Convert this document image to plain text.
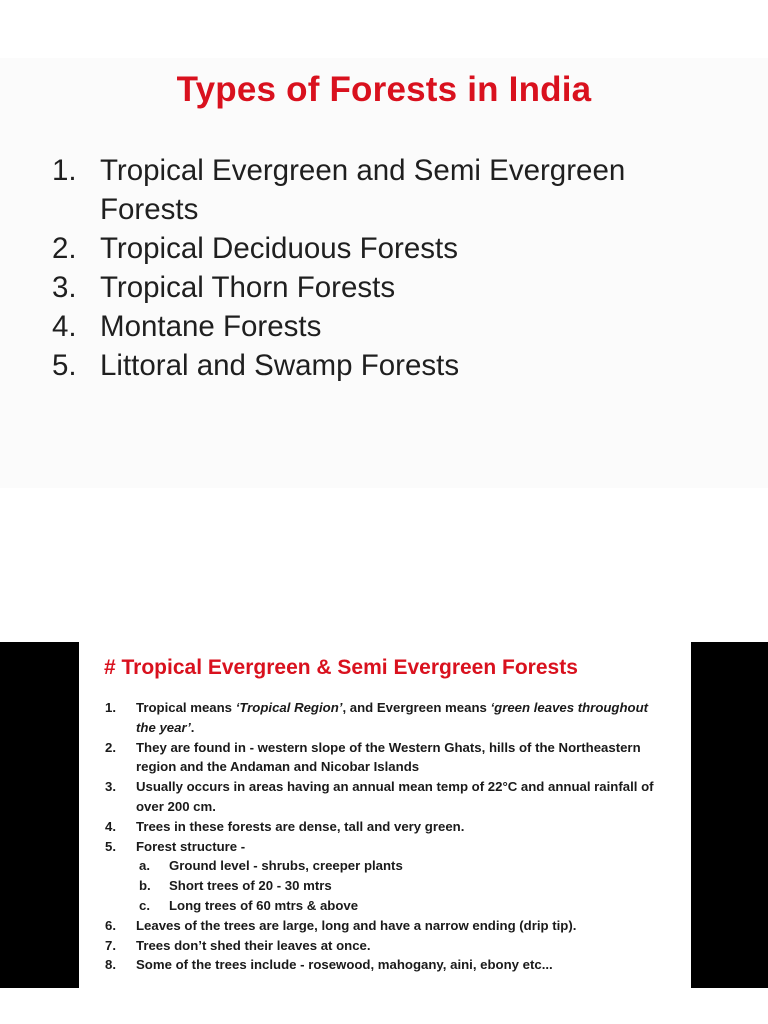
Types of Forests in India
1. Tropical Evergreen and Semi Evergreen Forests
2. Tropical Deciduous Forests
3. Tropical Thorn Forests
4. Montane Forests
5. Littoral and Swamp Forests
# Tropical Evergreen & Semi Evergreen Forests
1.	Tropical means ‘Tropical Region’, and Evergreen means ‘green leaves throughout the year’.
2.	They are found in - western slope of the Western Ghats, hills of the Northeastern region and the Andaman and Nicobar Islands
3.	Usually occurs in areas having an annual mean temp of 22°C and annual rainfall of over 200 cm.
4.	Trees in these forests are dense, tall and very green.
5.	Forest structure -
a.	Ground level - shrubs, creeper plants
b.	Short trees of 20 - 30 mtrs
c.	Long trees of 60 mtrs & above
6.	Leaves of the trees are large, long and have a narrow ending (drip tip).
7.	Trees don’t shed their leaves at once.
8.	Some of the trees include - rosewood, mahogany, aini, ebony etc...
